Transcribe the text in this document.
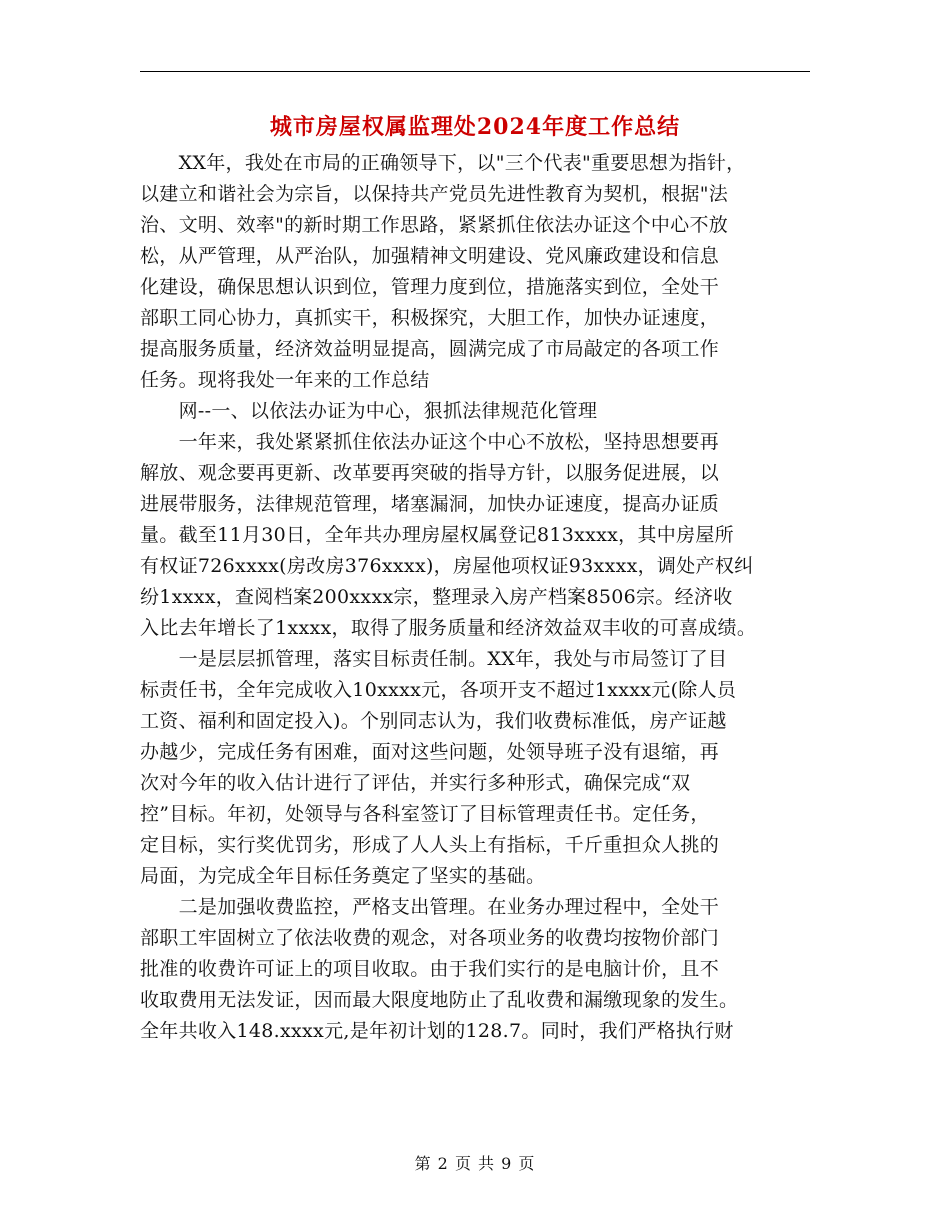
城市房屋权属监理处2024年度工作总结
　　XX年，我处在市局的正确领导下，以"三个代表"重要思想为指针，
以建立和谐社会为宗旨，以保持共产党员先进性教育为契机，根据"法
治、文明、效率"的新时期工作思路，紧紧抓住依法办证这个中心不放
松，从严管理，从严治队，加强精神文明建设、党风廉政建设和信息
化建设，确保思想认识到位，管理力度到位，措施落实到位，全处干
部职工同心协力，真抓实干，积极探究，大胆工作，加快办证速度，
提高服务质量，经济效益明显提高，圆满完成了市局敲定的各项工作
任务。现将我处一年来的工作总结
　　网--一、以依法办证为中心，狠抓法律规范化管理
　　一年来，我处紧紧抓住依法办证这个中心不放松，坚持思想要再
解放、观念要再更新、改革要再突破的指导方针，以服务促进展，以
进展带服务，法律规范管理，堵塞漏洞，加快办证速度，提高办证质
量。截至11月30日，全年共办理房屋权属登记813xxxx，其中房屋所
有权证726xxxx(房改房376xxxx)，房屋他项权证93xxxx，调处产权纠
纷1xxxx，查阅档案200xxxx宗，整理录入房产档案8506宗。经济收
入比去年增长了1xxxx，取得了服务质量和经济效益双丰收的可喜成绩。
　　一是层层抓管理，落实目标责任制。XX年，我处与市局签订了目
标责任书，全年完成收入10xxxx元，各项开支不超过1xxxx元(除人员
工资、福利和固定投入)。个别同志认为，我们收费标准低，房产证越
办越少，完成任务有困难，面对这些问题，处领导班子没有退缩，再
次对今年的收入估计进行了评估，并实行多种形式，确保完成“双
控”目标。年初，处领导与各科室签订了目标管理责任书。定任务，
定目标，实行奖优罚劣，形成了人人头上有指标，千斤重担众人挑的
局面，为完成全年目标任务奠定了坚实的基础。
　　二是加强收费监控，严格支出管理。在业务办理过程中，全处干
部职工牢固树立了依法收费的观念，对各项业务的收费均按物价部门
批准的收费许可证上的项目收取。由于我们实行的是电脑计价，且不
收取费用无法发证，因而最大限度地防止了乱收费和漏缴现象的发生。
全年共收入148.xxxx元,是年初计划的128.7。同时，我们严格执行财
第 2 页 共 9 页
